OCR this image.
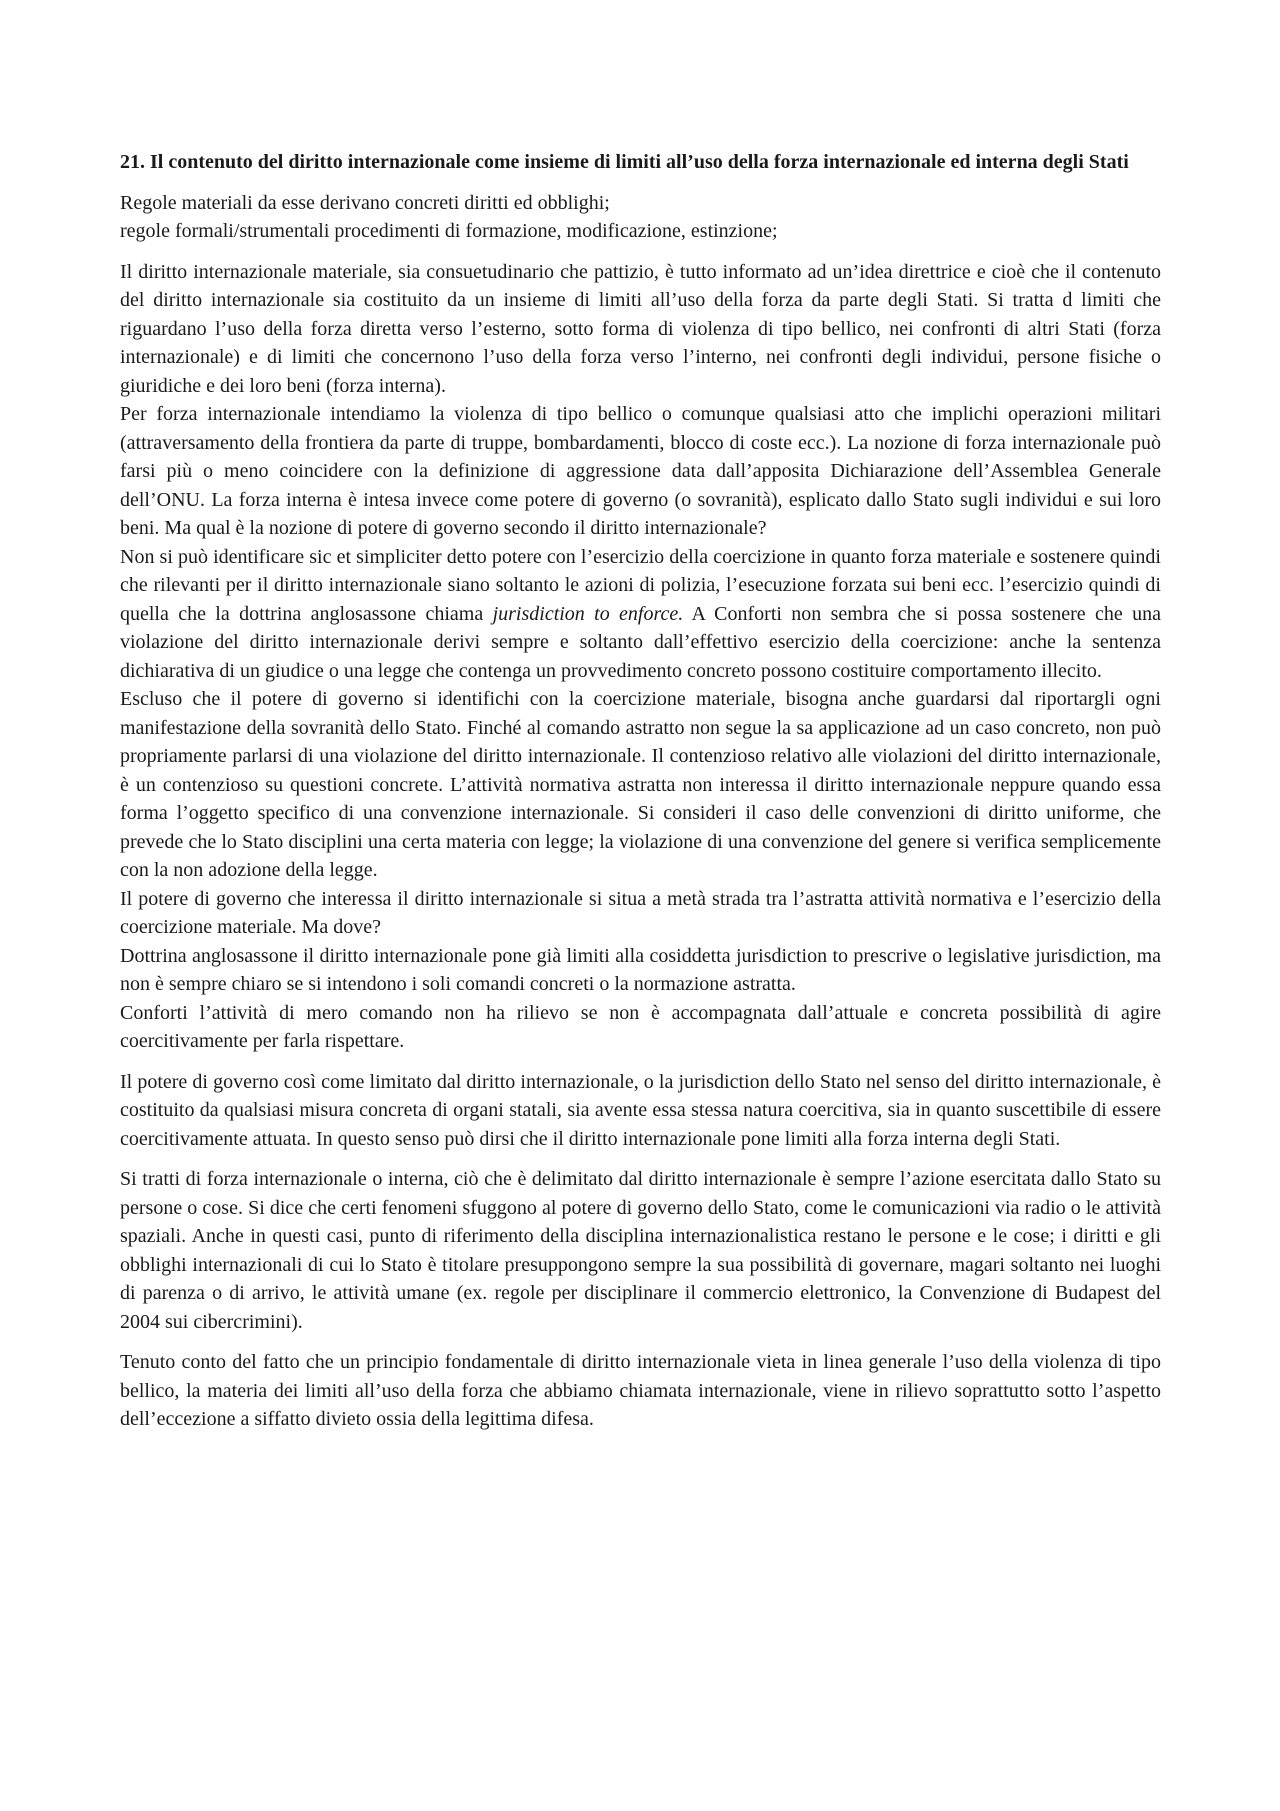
21. Il contenuto del diritto internazionale come insieme di limiti all’uso della forza internazionale ed interna degli Stati

Regole materiali da esse derivano concreti diritti ed obblighi;

regole formali/strumentali procedimenti di formazione, modificazione, estinzione;

Il diritto internazionale materiale, sia consuetudinario che pattizio, è tutto informato ad un’idea direttrice e cioè che il contenuto del diritto internazionale sia costituito da un insieme di limiti all’uso della forza da parte degli Stati. Si tratta d limiti che riguardano l’uso della forza diretta verso l’esterno, sotto forma di violenza di tipo bellico, nei confronti di altri Stati (forza internazionale) e di limiti che concernono l’uso della forza verso l’interno, nei confronti degli individui, persone fisiche o giuridiche e dei loro beni (forza interna).

Per forza internazionale intendiamo la violenza di tipo bellico o comunque qualsiasi atto che implichi operazioni militari (attraversamento della frontiera da parte di truppe, bombardamenti, blocco di coste ecc.). La nozione di forza internazionale può farsi più o meno coincidere con la definizione di aggressione data dall’apposita Dichiarazione dell’Assemblea Generale dell’ONU. La forza interna è intesa invece come potere di governo (o sovranità), esplicato dallo Stato sugli individui e sui loro beni. Ma qual è la nozione di potere di governo secondo il diritto internazionale?

Non si può identificare sic et simpliciter detto potere con l’esercizio della coercizione in quanto forza materiale e sostenere quindi che rilevanti per il diritto internazionale siano soltanto le azioni di polizia, l’esecuzione forzata sui beni ecc. l’esercizio quindi di quella che la dottrina anglosassone chiama jurisdiction to enforce. A Conforti non sembra che si possa sostenere che una violazione del diritto internazionale derivi sempre e soltanto dall’effettivo esercizio della coercizione: anche la sentenza dichiarativa di un giudice o una legge che contenga un provvedimento concreto possono costituire comportamento illecito.

Escluso che il potere di governo si identifichi con la coercizione materiale, bisogna anche guardarsi dal riportargli ogni manifestazione della sovranità dello Stato. Finché al comando astratto non segue la sa applicazione ad un caso concreto, non può propriamente parlarsi di una violazione del diritto internazionale. Il contenzioso relativo alle violazioni del diritto internazionale, è un contenzioso su questioni concrete. L’attività normativa astratta non interessa il diritto internazionale neppure quando essa forma l’oggetto specifico di una convenzione internazionale. Si consideri il caso delle convenzioni di diritto uniforme, che prevede che lo Stato disciplini una certa materia con legge; la violazione di una convenzione del genere si verifica semplicemente con la non adozione della legge.

Il potere di governo che interessa il diritto internazionale si situa a metà strada tra l’astratta attività normativa e l’esercizio della coercizione materiale. Ma dove?

Dottrina anglosassone il diritto internazionale pone già limiti alla cosiddetta jurisdiction to prescrive o legislative jurisdiction, ma non è sempre chiaro se si intendono i soli comandi concreti o la normazione astratta.

Conforti l’attività di mero comando non ha rilievo se non è accompagnata dall’attuale e concreta possibilità di agire coercitivamente per farla rispettare.

Il potere di governo così come limitato dal diritto internazionale, o la jurisdiction dello Stato nel senso del diritto internazionale, è costituito da qualsiasi misura concreta di organi statali, sia avente essa stessa natura coercitiva, sia in quanto suscettibile di essere coercitivamente attuata. In questo senso può dirsi che il diritto internazionale pone limiti alla forza interna degli Stati.

Si tratti di forza internazionale o interna, ciò che è delimitato dal diritto internazionale è sempre l’azione esercitata dallo Stato su persone o cose. Si dice che certi fenomeni sfuggono al potere di governo dello Stato, come le comunicazioni via radio o le attività spaziali. Anche in questi casi, punto di riferimento della disciplina internazionalistica restano le persone e le cose; i diritti e gli obblighi internazionali di cui lo Stato è titolare presuppongono sempre la sua possibilità di governare, magari soltanto nei luoghi di parenza o di arrivo, le attività umane (ex. regole per disciplinare il commercio elettronico, la Convenzione di Budapest del 2004 sui cibercrimini).

Tenuto conto del fatto che un principio fondamentale di diritto internazionale vieta in linea generale l’uso della violenza di tipo bellico, la materia dei limiti all’uso della forza che abbiamo chiamata internazionale, viene in rilievo soprattutto sotto l’aspetto dell’eccezione a siffatto divieto ossia della legittima difesa.
